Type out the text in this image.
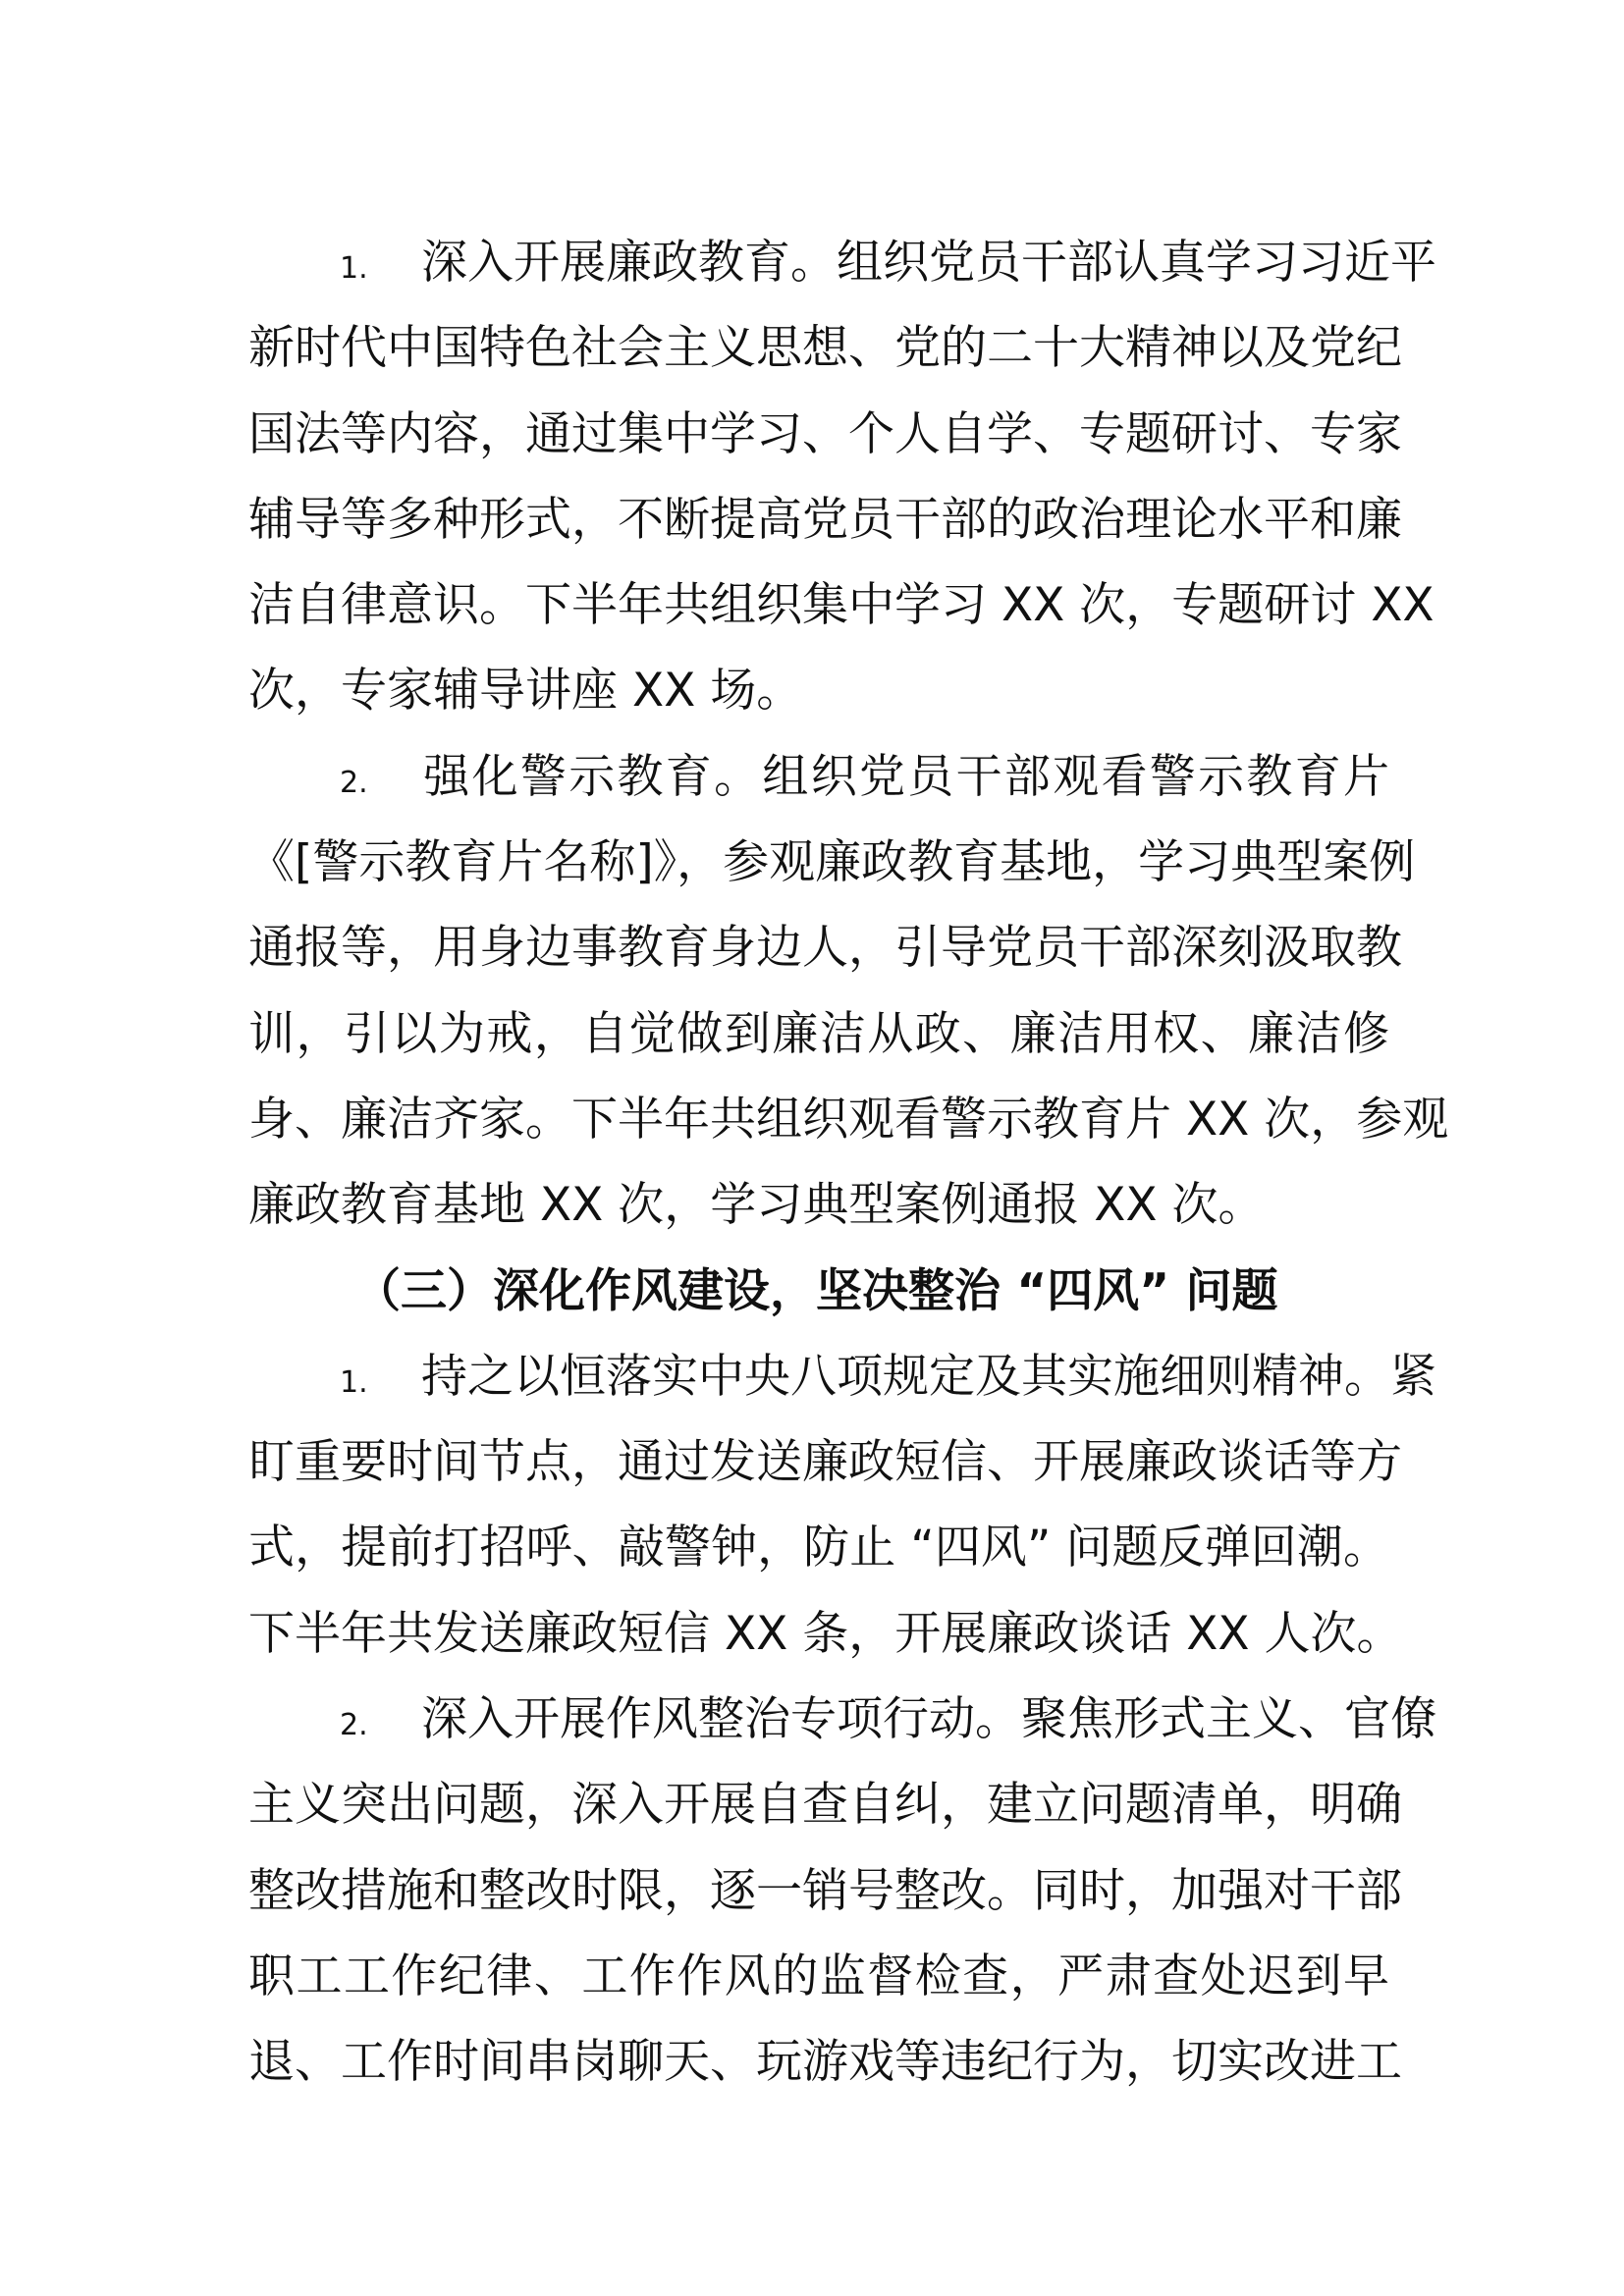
1. 深入开展廉政教育。组织党员干部认真学习习近平
新时代中国特色社会主义思想、党的二十大精神以及党纪
国法等内容，通过集中学习、个人自学、专题研讨、专家
辅导等多种形式，不断提高党员干部的政治理论水平和廉
洁自律意识。下半年共组织集中学习 XX 次，专题研讨 XX
次，专家辅导讲座 XX 场。
2. 强化警示教育。组织党员干部观看警示教育片
《[警示教育片名称]》，参观廉政教育基地，学习典型案例
通报等，用身边事教育身边人，引导党员干部深刻汲取教
训，引以为戒，自觉做到廉洁从政、廉洁用权、廉洁修
身、廉洁齐家。下半年共组织观看警示教育片 XX 次，参观
廉政教育基地 XX 次，学习典型案例通报 XX 次。
（三）深化作风建设，坚决整治 “四风” 问题
1. 持之以恒落实中央八项规定及其实施细则精神。紧
盯重要时间节点，通过发送廉政短信、开展廉政谈话等方
式，提前打招呼、敲警钟，防止 “四风” 问题反弹回潮。
下半年共发送廉政短信 XX 条，开展廉政谈话 XX 人次。
2. 深入开展作风整治专项行动。聚焦形式主义、官僚
主义突出问题，深入开展自查自纠，建立问题清单，明确
整改措施和整改时限，逐一销号整改。同时，加强对干部
职工工作纪律、工作作风的监督检查，严肃查处迟到早
退、工作时间串岗聊天、玩游戏等违纪行为，切实改进工
